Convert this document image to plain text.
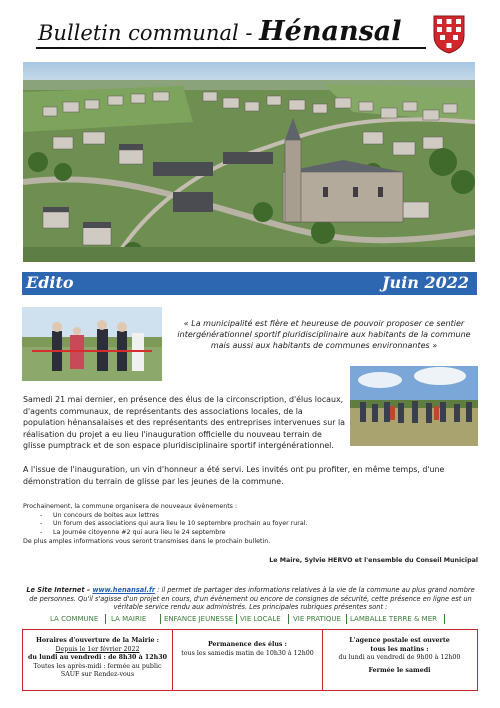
Bulletin communal - Hénansal
Edito	Juin 2022
« La municipalité est fière et heureuse de pouvoir proposer ce sentier intergénérationnel sportif pluridisciplinaire aux habitants de la commune mais aussi aux habitants de communes environnantes »
Samedi 21 mai dernier, en présence des élus de la circonscription, d'élus locaux, d'agents communaux, de représentants des associations locales, de la population hénansalaises et des représentants des entreprises intervenues sur la réalisation du projet a eu lieu l'inauguration officielle du nouveau terrain de glisse pumptrack et de son espace pluridisciplinaire sportif intergénérationnel.
A l'issue de l'inauguration, un vin d'honneur a été servi. Les invités ont pu profiter, en même temps, d'une démonstration du terrain de glisse par les jeunes de la commune.
Prochainement, la commune organisera de nouveaux évènements :
- Un concours de boites aux lettres
- Un forum des associations qui aura lieu le 10 septembre prochain au foyer rural.
- La Journée citoyenne #2 qui aura lieu le 24 septembre
De plus amples informations vous seront transmises dans le prochain bulletin.
Le Maire, Sylvie HERVO et l'ensemble du Conseil Municipal
Le Site Internet – www.henansal.fr : il permet de partager des informations relatives à la vie de la commune au plus grand nombre de personnes. Qu'il s'agisse d'un projet en cours, d'un évènement ou encore de consignes de sécurité, cette présence en ligne est un véritable service rendu aux administrés. Les principales rubriques présentes sont :
LA COMMUNE LA MAIRIE	ENFANCE JEUNESSE VIE LOCALE VIE PRATIQUE LAMBALLE TERRE & MER
Horaires d'ouverture de la Mairie :
Depuis le 1er février 2022
du lundi au vendredi : de 8h30 à 12h30
Toutes les après-midi : fermée au public
SAUF sur Rendez-vous
Permanence des élus :
tous les samedis matin de 10h30 à 12h00
L'agence postale est ouverte
tous les matins :
du lundi au vendredi de 9h00 à 12h00
Fermée le samedi
